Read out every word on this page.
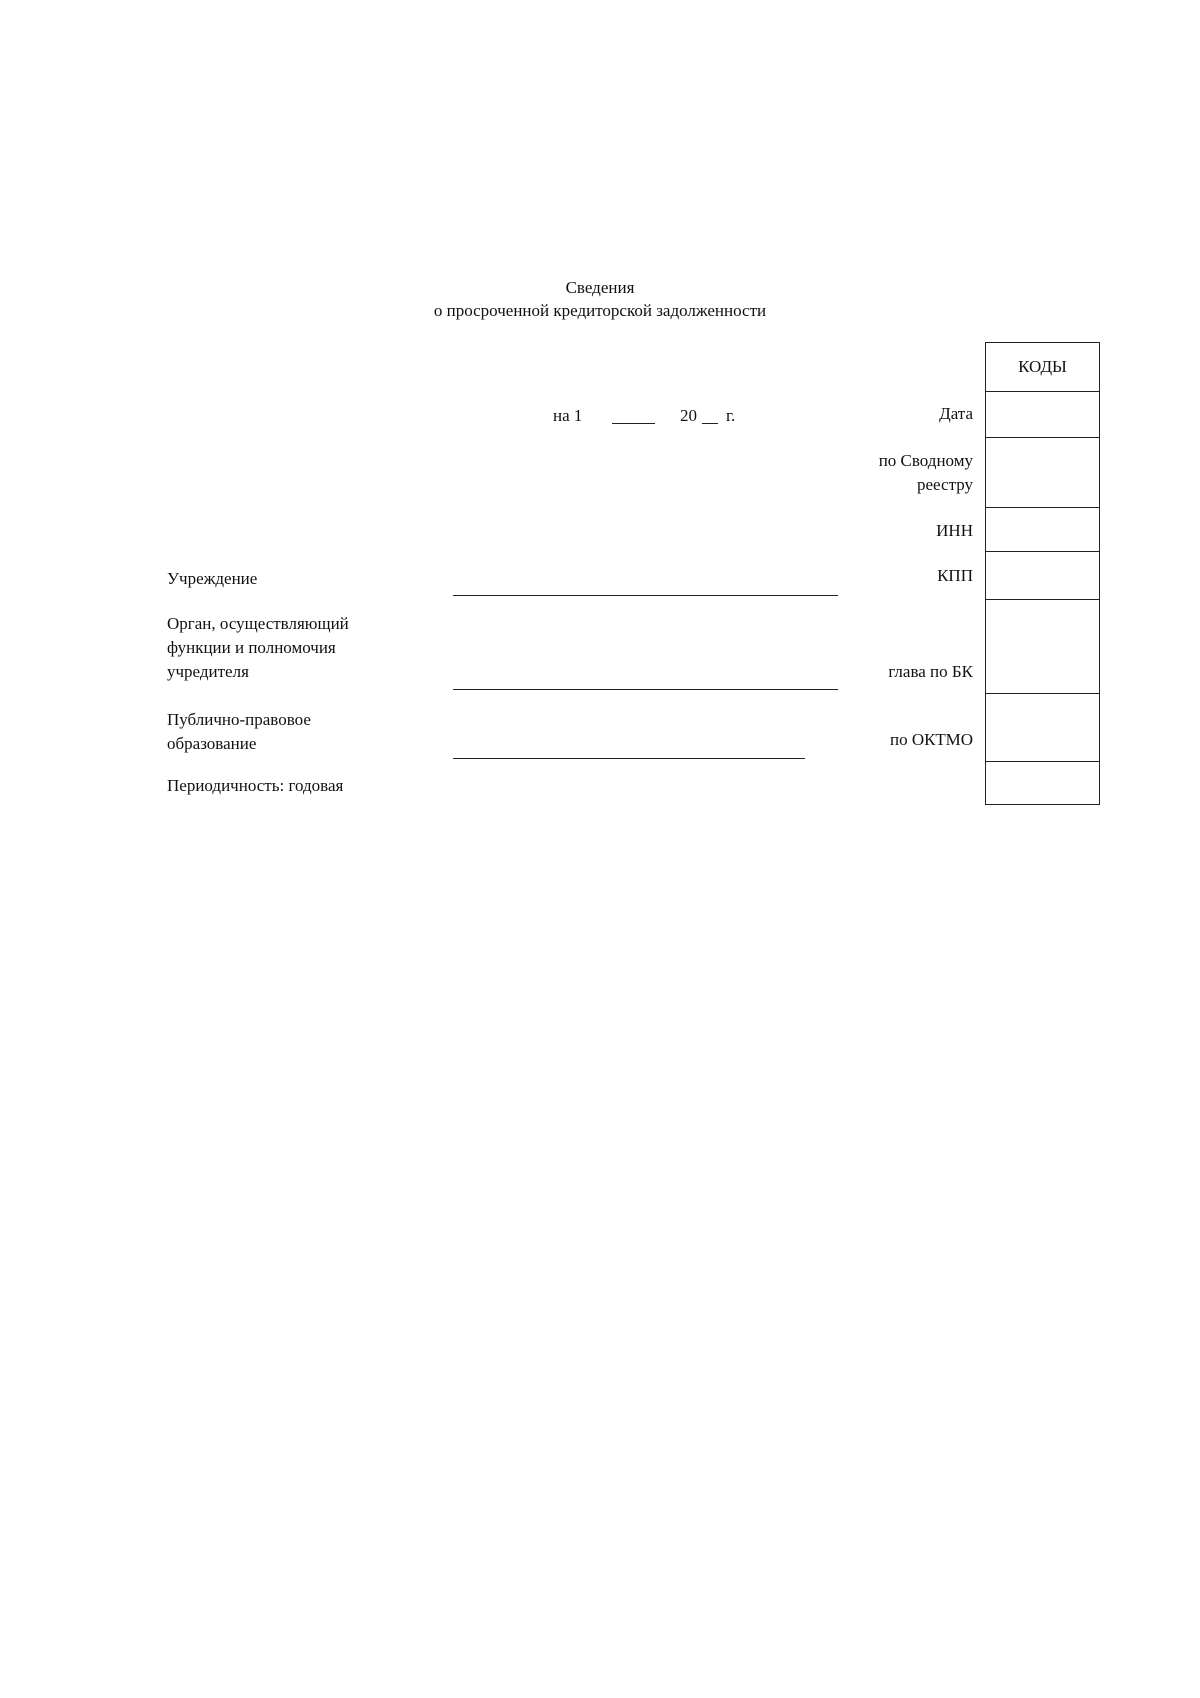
Сведения
о просроченной кредиторской задолженности
на 1	20 г.	Дата
по Сводному
реестру
ИНН
КПП
глава по БК
по ОКТМО
КОДЫ
Учреждение
Орган, осуществляющий
функции и полномочия
учредителя
Публично-правовое
образование
Периодичность: годовая
